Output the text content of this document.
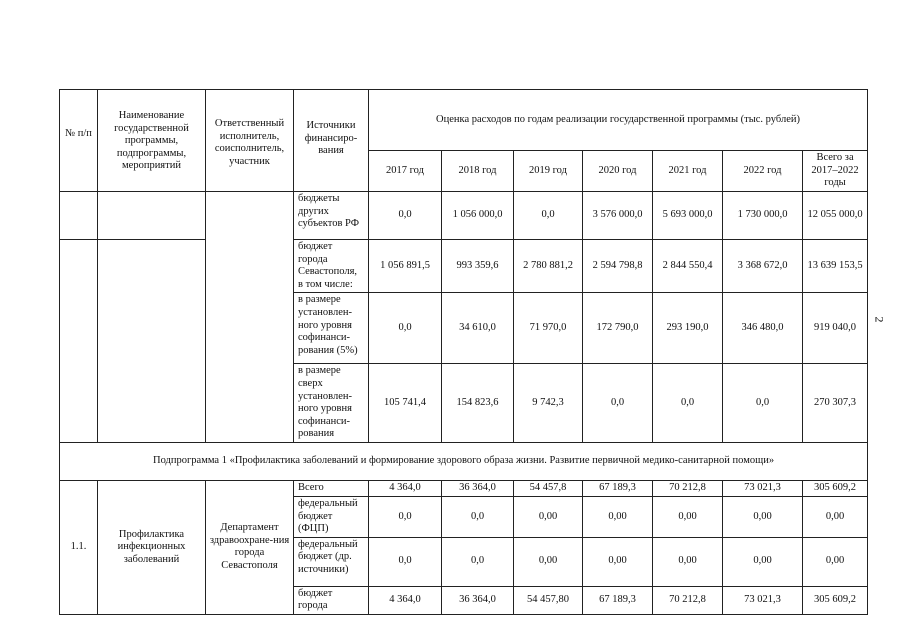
№ п/п	Наименование государственной программы, подпрограммы, мероприятий	Ответственный исполнитель, соисполнитель, участник	Источники финансиро-вания	Оценка расходов по годам реализации государственной программы (тыс. рублей)						
				2017 год	2018 год	2019 год	2020 год	2021 год	2022 год	Всего за 2017–2022 годы
			бюджеты других субъектов РФ	0,0	1 056 000,0	0,0	3 576 000,0	5 693 000,0	1 730 000,0	12 055 000,0
			бюджет города Севастополя, в том числе:	1 056 891,5	993 359,6	2 780 881,2	2 594 798,8	2 844 550,4	3 368 672,0	13 639 153,5
			в размере установлен-ного уровня софинанси-рования (5%)	0,0	34 610,0	71 970,0	172 790,0	293 190,0	346 480,0	919 040,0
			в размере сверх установлен-ного уровня софинанси-рования	105 741,4	154 823,6	9 742,3	0,0	0,0	0,0	270 307,3
Подпрограмма 1 «Профилактика заболеваний и формирование здорового образа жизни. Развитие первичной медико-санитарной помощи»										
1.1.	Профилактика инфекционных заболеваний	Департамент здравоохране-ния города Севастополя	Всего	4 364,0	36 364,0	54 457,8	67 189,3	70 212,8	73 021,3	305 609,2
			федеральный бюджет (ФЦП)	0,0	0,0	0,00	0,00	0,00	0,00	0,00
			федеральный бюджет (др. источники)	0,0	0,0	0,00	0,00	0,00	0,00	0,00
			бюджет города	4 364,0	36 364,0	54 457,80	67 189,3	70 212,8	73 021,3	305 609,2
2
